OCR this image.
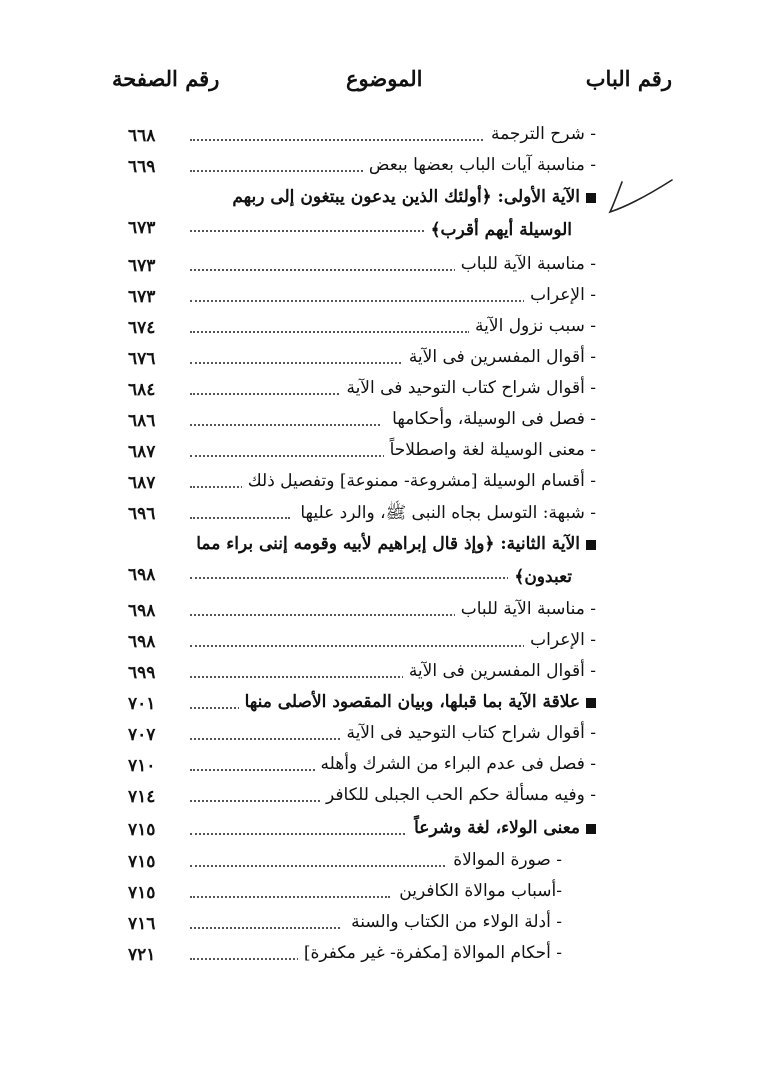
رقم الباب
الموضوع
رقم الصفحة
٦٦٨	- شرح الترجمة
٦٦٩	- مناسبة آيات الباب بعضها ببعض
الآية الأولى: ﴿أولئك الذين يدعون يبتغون إلى ربهم
٦٧٣	الوسيلة أيهم أقرب﴾
٦٧٣	- مناسبة الآية للباب
٦٧٣	- الإعراب
٦٧٤	- سبب نزول الآية
٦٧٦	- أقوال المفسرين فى الآية
٦٨٤	- أقوال شراح كتاب التوحيد فى الآية
٦٨٦	- فصل فى الوسيلة، وأحكامها
٦٨٧	- معنى الوسيلة لغة واصطلاحاً
٦٨٧	- أقسام الوسيلة [مشروعة- ممنوعة] وتفصيل ذلك
٦٩٦	- شبهة: التوسل بجاه النبى ﷺ، والرد عليها
الآية الثانية: ﴿وإذ قال إبراهيم لأبيه وقومه إننى براء مما
٦٩٨	تعبدون﴾
٦٩٨	- مناسبة الآية للباب
٦٩٨	- الإعراب
٦٩٩	- أقوال المفسرين فى الآية
٧٠١	علاقة الآية بما قبلها، وبيان المقصود الأصلى منها
٧٠٧	- أقوال شراح كتاب التوحيد فى الآية
٧١٠	- فصل فى عدم البراء من الشرك وأهله
٧١٤	- وفيه مسألة حكم الحب الجبلى للكافر
٧١٥	معنى الولاء، لغة وشرعاً
٧١٥	- صورة الموالاة
٧١٥	-أسباب موالاة الكافرين
٧١٦	- أدلة الولاء من الكتاب والسنة
٧٢١	- أحكام الموالاة [مكفرة- غير مكفرة]
